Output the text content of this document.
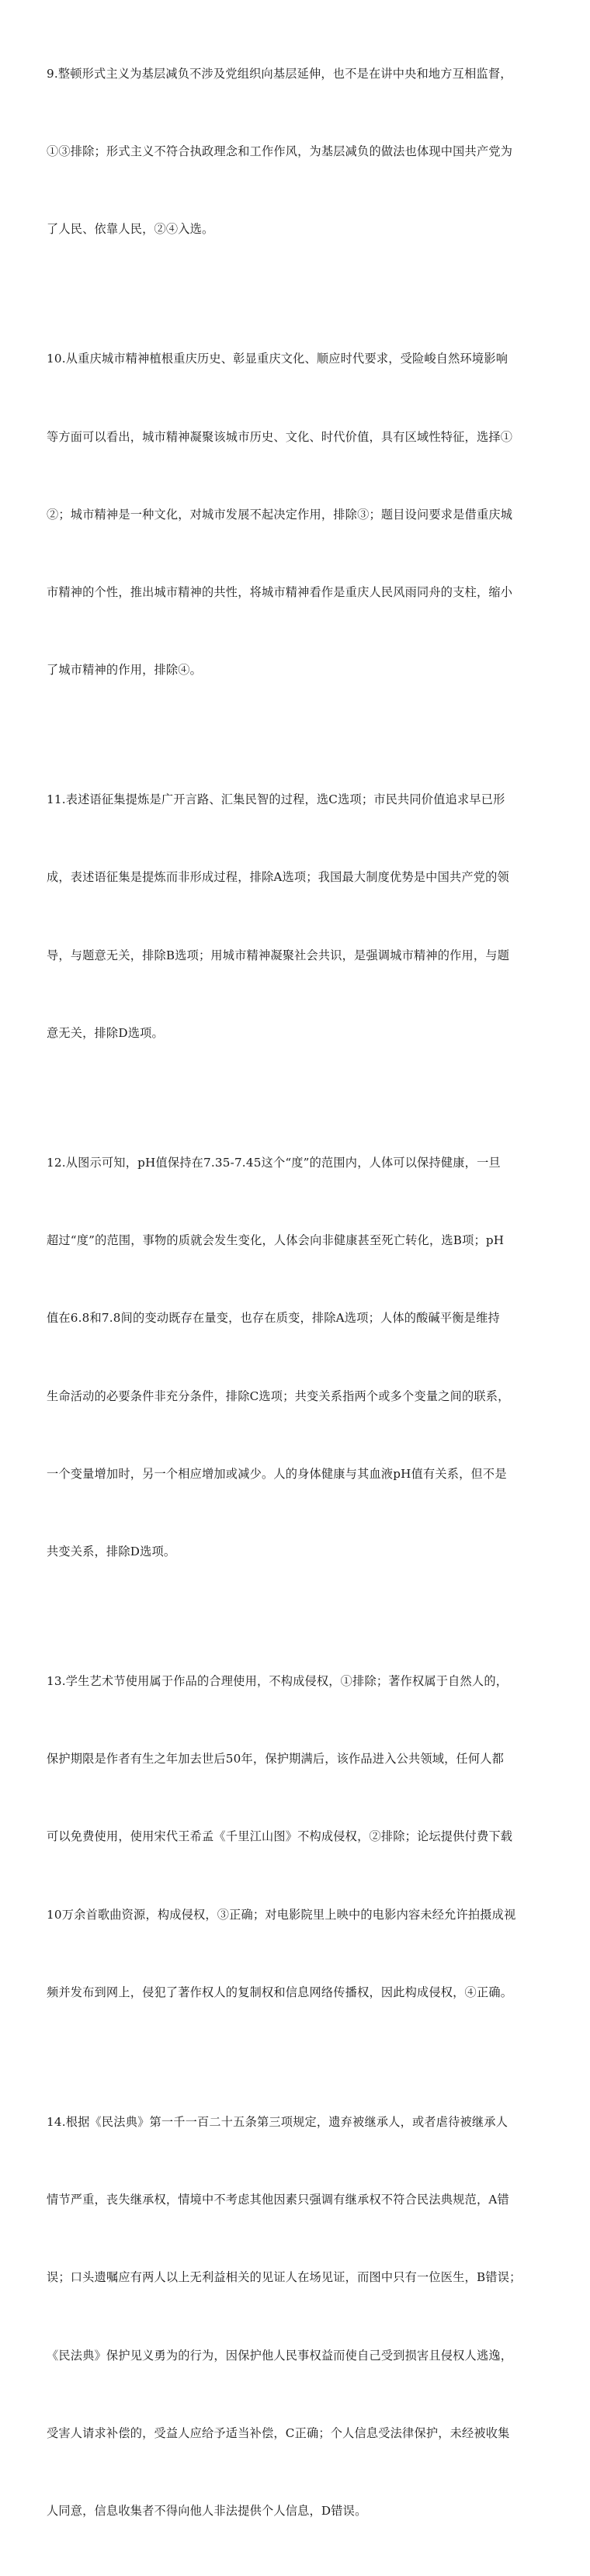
9.整顿形式主义为基层减负不涉及党组织向基层延伸，也不是在讲中央和地方互相监督，

①③排除；形式主义不符合执政理念和工作作风，为基层减负的做法也体现中国共产党为

了人民、依靠人民，②④入选。

10.从重庆城市精神植根重庆历史、彰显重庆文化、顺应时代要求，受险峻自然环境影响

等方面可以看出，城市精神凝聚该城市历史、文化、时代价值，具有区域性特征，选择①

②；城市精神是一种文化，对城市发展不起决定作用，排除③；题目设问要求是借重庆城

市精神的个性，推出城市精神的共性，将城市精神看作是重庆人民风雨同舟的支柱，缩小

了城市精神的作用，排除④。

11.表述语征集提炼是广开言路、汇集民智的过程，选C选项；市民共同价值追求早已形

成，表述语征集是提炼而非形成过程，排除A选项；我国最大制度优势是中国共产党的领

导，与题意无关，排除B选项；用城市精神凝聚社会共识，是强调城市精神的作用，与题

意无关，排除D选项。

12.从图示可知，pH值保持在7.35-7.45这个“度”的范围内，人体可以保持健康，一旦

超过“度”的范围，事物的质就会发生变化，人体会向非健康甚至死亡转化，选B项；pH

值在6.8和7.8间的变动既存在量变，也存在质变，排除A选项；人体的酸碱平衡是维持

生命活动的必要条件非充分条件，排除C选项；共变关系指两个或多个变量之间的联系，

一个变量增加时，另一个相应增加或减少。人的身体健康与其血液pH值有关系，但不是

共变关系，排除D选项。

13.学生艺术节使用属于作品的合理使用，不构成侵权，①排除；著作权属于自然人的，

保护期限是作者有生之年加去世后50年，保护期满后，该作品进入公共领域，任何人都

可以免费使用，使用宋代王希孟《千里江山图》不构成侵权，②排除；论坛提供付费下载

10万余首歌曲资源，构成侵权，③正确；对电影院里上映中的电影内容未经允许拍摄成视

频并发布到网上，侵犯了著作权人的复制权和信息网络传播权，因此构成侵权，④正确。

14.根据《民法典》第一千一百二十五条第三项规定，遗弃被继承人，或者虐待被继承人

情节严重，丧失继承权，情境中不考虑其他因素只强调有继承权不符合民法典规范，A错

误；口头遗嘱应有两人以上无利益相关的见证人在场见证，而图中只有一位医生，B错误；

《民法典》保护见义勇为的行为，因保护他人民事权益而使自己受到损害且侵权人逃逸，

受害人请求补偿的，受益人应给予适当补偿，C正确；个人信息受法律保护，未经被收集

人同意，信息收集者不得向他人非法提供个人信息，D错误。
